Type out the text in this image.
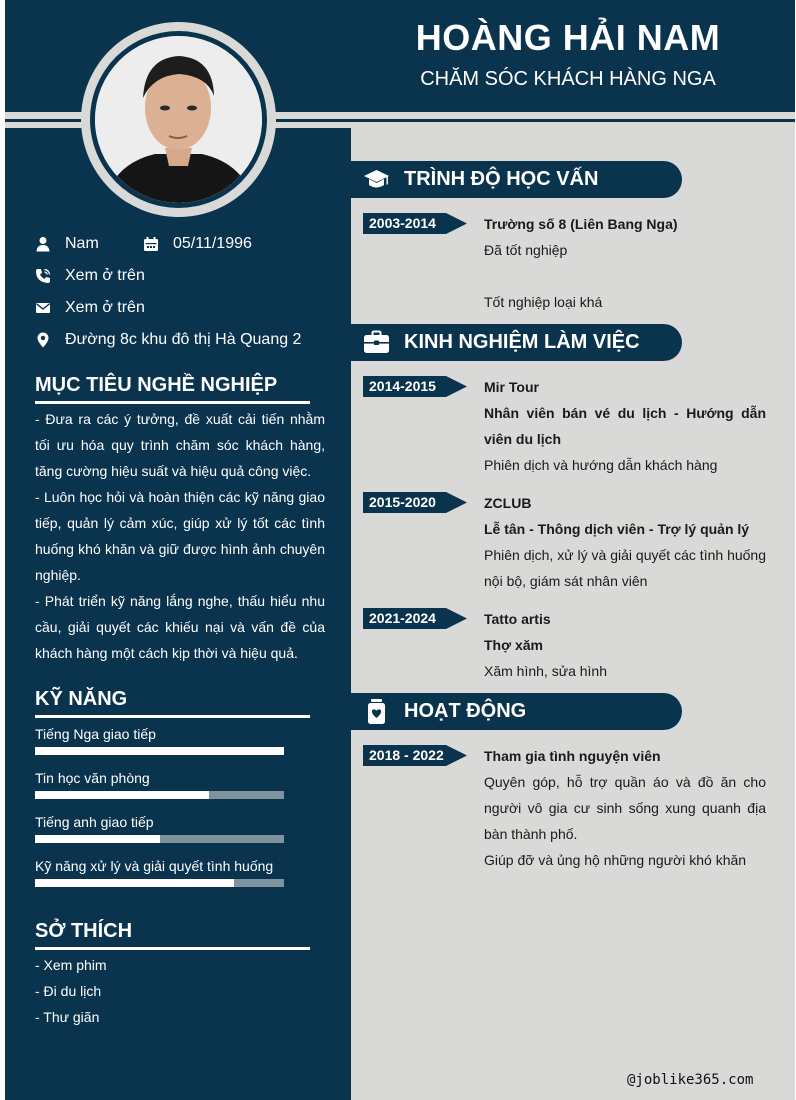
HOÀNG HẢI NAM
CHĂM SÓC KHÁCH HÀNG NGA
Nam	05/11/1996
Xem ở trên
Xem ở trên
Đường 8c khu đô thị Hà Quang 2
MỤC TIÊU NGHỀ NGHIỆP

- Đưa ra các ý tưởng, đề xuất cải tiến nhằm tối ưu hóa quy trình chăm sóc khách hàng, tăng cường hiệu suất và hiệu quả công việc.

- Luôn học hỏi và hoàn thiện các kỹ năng giao tiếp, quản lý cảm xúc, giúp xử lý tốt các tình huống khó khăn và giữ được hình ảnh chuyên nghiệp.

- Phát triển kỹ năng lắng nghe, thấu hiểu nhu cầu, giải quyết các khiếu nại và vấn đề của khách hàng một cách kịp thời và hiệu quả.

KỸ NĂNG
Tiếng Nga giao tiếp
Tin học văn phòng
Tiếng anh giao tiếp
Kỹ năng xử lý và giải quyết tình huống
SỞ THÍCH
- Xem phim
- Đi du lịch
- Thư giãn
TRÌNH ĐỘ HỌC VẤN
2003-2014	Trường số 8 (Liên Bang Nga)
Đã tốt nghiệp
Tốt nghiệp loại khá
KINH NGHIỆM LÀM VIỆC
2014-2015	Mir Tour
Nhân viên bán vé du lịch - Hướng dẫn viên du lịch
Phiên dịch và hướng dẫn khách hàng
2015-2020	ZCLUB
Lễ tân - Thông dịch viên - Trợ lý quản lý
Phiên dịch, xử lý và giải quyết các tình huống nội bộ, giám sát nhân viên
2021-2024	Tatto artis
Thợ xăm
Xăm hình, sửa hình
HOẠT ĐỘNG
2018 - 2022	Tham gia tình nguyện viên
Quyên góp, hỗ trợ quần áo và đồ ăn cho người vô gia cư sinh sống xung quanh địa bàn thành phố.
Giúp đỡ và ủng hộ những người khó khăn
@joblike365.com
